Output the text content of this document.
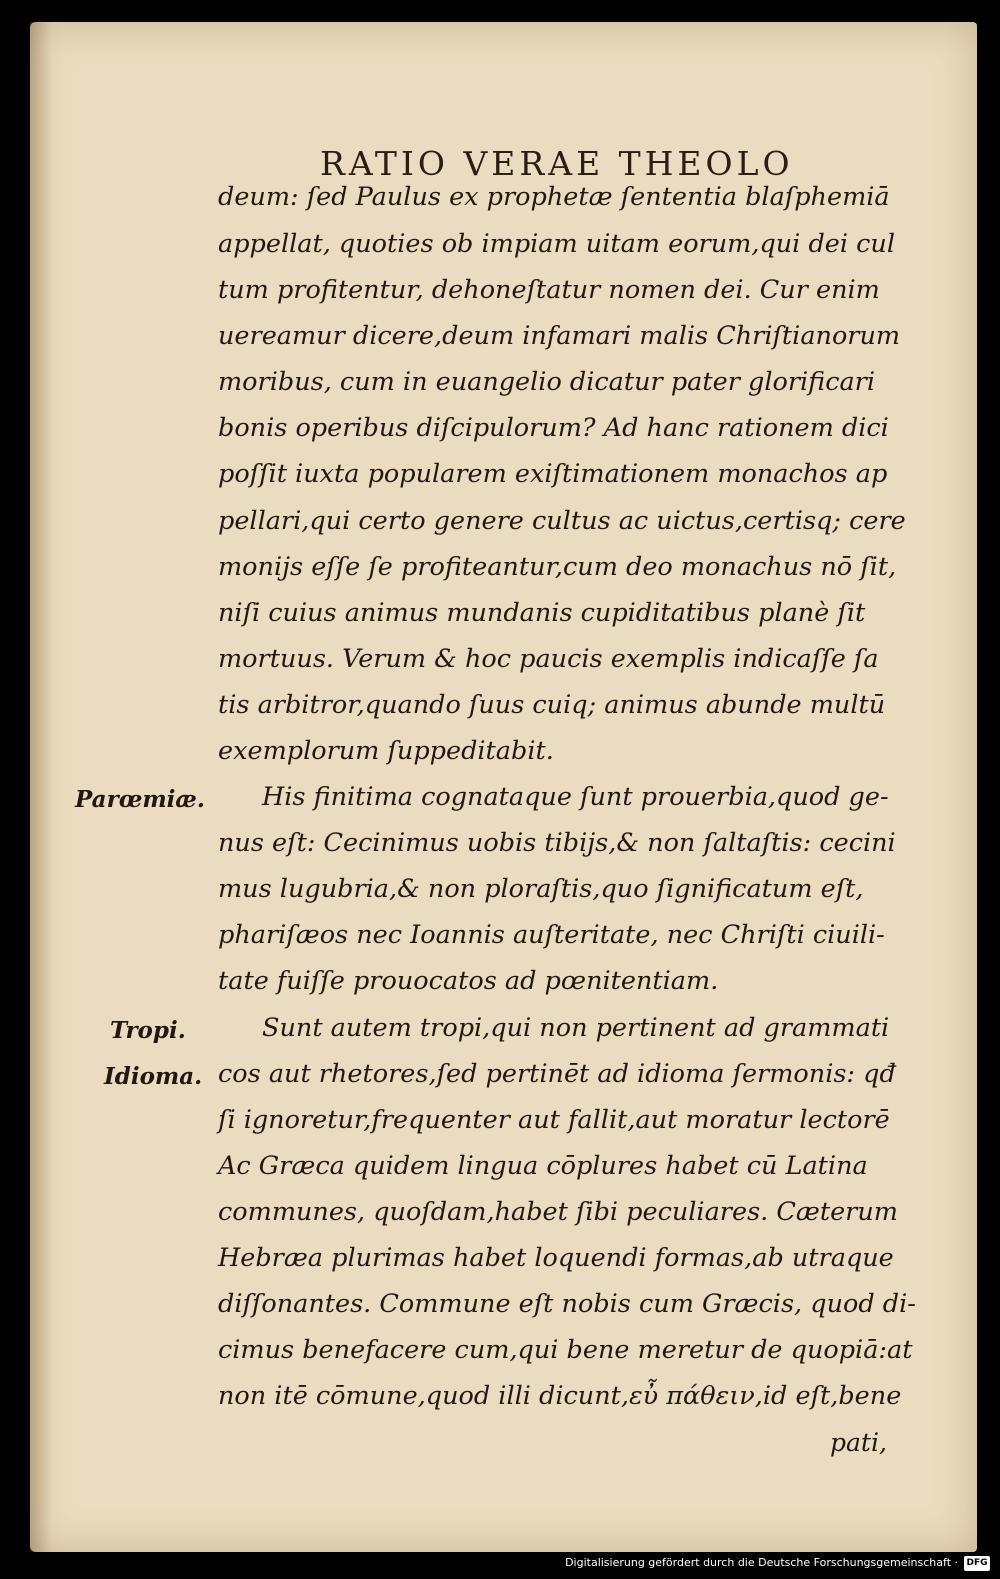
RATIO VERAE THEOLO
deum: ſed Paulus ex prophetæ ſententia blaſphemiā
appellat, quoties ob impiam uitam eorum,qui dei cul
tum profitentur, dehoneſtatur nomen dei. Cur enim
uereamur dicere,deum infamari malis Chriſtianorum
moribus, cum in euangelio dicatur pater glorificari
bonis operibus diſcipulorum? Ad hanc rationem dici
poſſit iuxta popularem exiſtimationem monachos ap
pellari,qui certo genere cultus ac uictus,certisq; cere
monijs eſſe ſe profiteantur,cum deo monachus nō ſit,
niſi cuius animus mundanis cupiditatibus planè ſit
mortuus. Verum & hoc paucis exemplis indicaſſe ſa
tis arbitror,quando ſuus cuiq; animus abunde multū
exemplorum ſuppeditabit.
His finitima cognataque ſunt prouerbia,quod ge-
nus eſt: Cecinimus uobis tibijs,& non ſaltaſtis: cecini
mus lugubria,& non ploraſtis,quo ſignificatum eſt,
phariſæos nec Ioannis auſteritate, nec Chriſti ciuili-
tate fuiſſe prouocatos ad pœnitentiam.
Sunt autem tropi,qui non pertinent ad grammati
cos aut rhetores,ſed pertinēt ad idioma ſermonis: qđ
ſi ignoretur,frequenter aut fallit,aut moratur lectorē
Ac Græca quidem lingua cōplures habet cū Latina
communes, quoſdam,habet ſibi peculiares. Cæterum
Hebræa plurimas habet loquendi formas,ab utraque
diſſonantes. Commune eſt nobis cum Græcis, quod di-
cimus benefacere cum,qui bene meretur de quopiā:at
non itē cōmune,quod illi dicunt,εὖ πάθειν,id eſt,bene
pati,
Parœmiæ.
Tropi.
Idioma.
Digitalisierung gefördert durch die Deutsche Forschungsgemeinschaft · DFG
